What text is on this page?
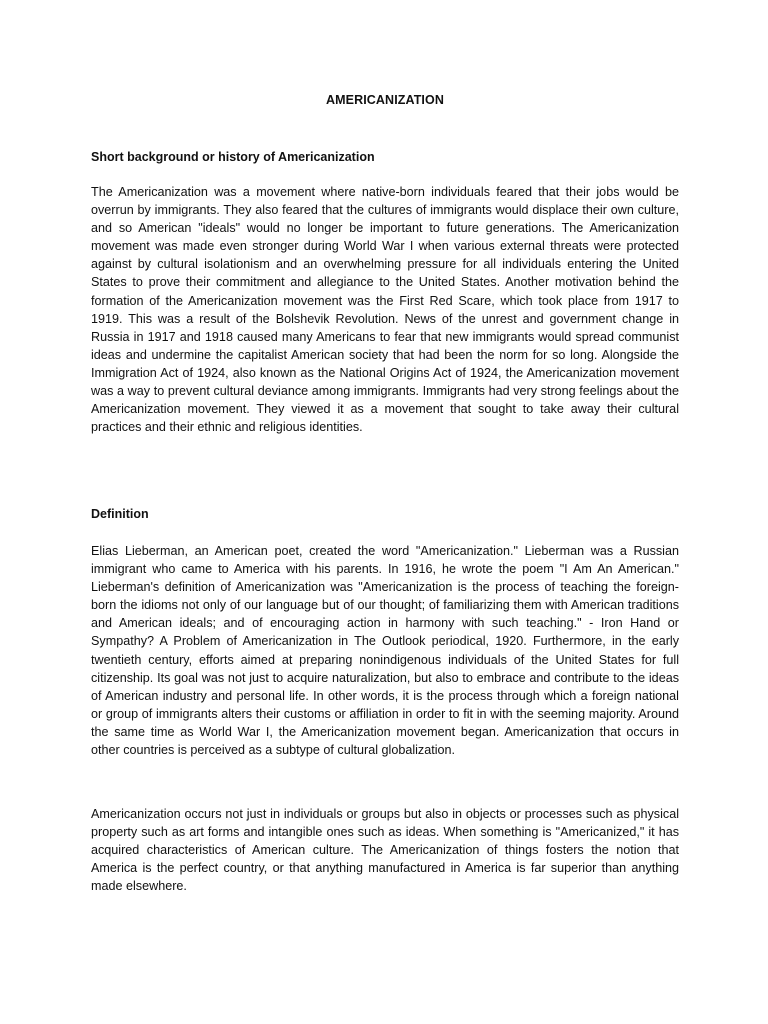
AMERICANIZATION
Short background or history of Americanization

The Americanization was a movement where native-born individuals feared that their jobs would be overrun by immigrants. They also feared that the cultures of immigrants would displace their own culture, and so American "ideals" would no longer be important to future generations. The Americanization movement was made even stronger during World War I when various external threats were protected against by cultural isolationism and an overwhelming pressure for all individuals entering the United States to prove their commitment and allegiance to the United States. Another motivation behind the formation of the Americanization movement was the First Red Scare, which took place from 1917 to 1919. This was a result of the Bolshevik Revolution. News of the unrest and government change in Russia in 1917 and 1918 caused many Americans to fear that new immigrants would spread communist ideas and undermine the capitalist American society that had been the norm for so long. Alongside the Immigration Act of 1924, also known as the National Origins Act of 1924, the Americanization movement was a way to prevent cultural deviance among immigrants. Immigrants had very strong feelings about the Americanization movement. They viewed it as a movement that sought to take away their cultural practices and their ethnic and religious identities.

Definition

Elias Lieberman, an American poet, created the word "Americanization." Lieberman was a Russian immigrant who came to America with his parents. In 1916, he wrote the poem "I Am An American." Lieberman's definition of Americanization was "Americanization is the process of teaching the foreign-born the idioms not only of our language but of our thought; of familiarizing them with American traditions and American ideals; and of encouraging action in harmony with such teaching." - Iron Hand or Sympathy? A Problem of Americanization in The Outlook periodical, 1920. Furthermore, in the early twentieth century, efforts aimed at preparing nonindigenous individuals of the United States for full citizenship. Its goal was not just to acquire naturalization, but also to embrace and contribute to the ideas of American industry and personal life. In other words, it is the process through which a foreign national or group of immigrants alters their customs or affiliation in order to fit in with the seeming majority. Around the same time as World War I, the Americanization movement began. Americanization that occurs in other countries is perceived as a subtype of cultural globalization.

Americanization occurs not just in individuals or groups but also in objects or processes such as physical property such as art forms and intangible ones such as ideas. When something is "Americanized," it has acquired characteristics of American culture. The Americanization of things fosters the notion that America is the perfect country, or that anything manufactured in America is far superior than anything made elsewhere.
